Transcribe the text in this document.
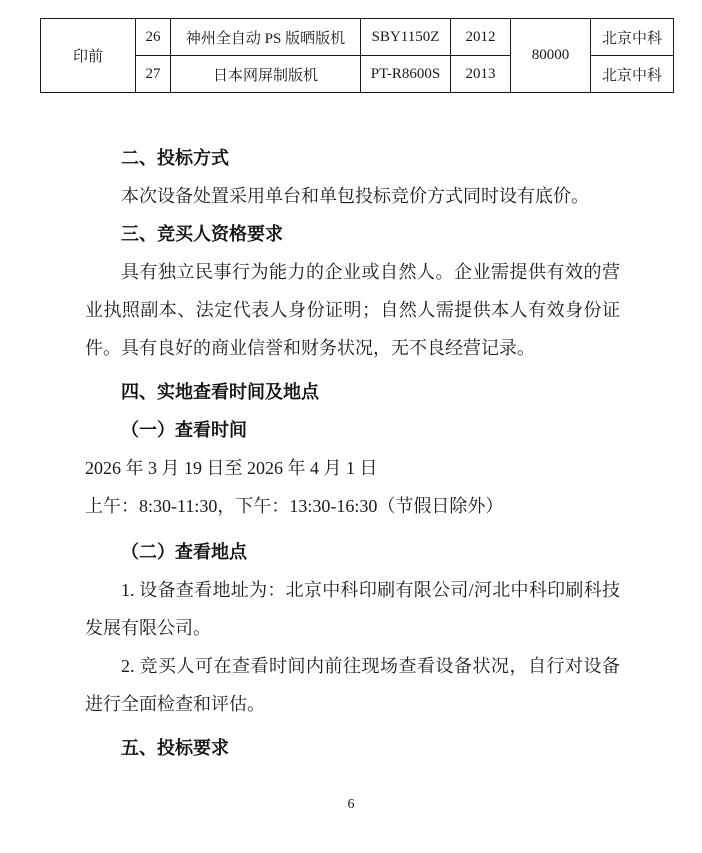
印前	26	神州全自动 PS 版晒版机	SBY1150Z	2012	80000	北京中科
	27	日本网屏制版机	PT-R8600S	2013		北京中科
二、投标方式
本次设备处置采用单台和单包投标竞价方式同时设有底价。
三、竞买人资格要求
具有独立民事行为能力的企业或自然人。企业需提供有效的营
业执照副本、法定代表人身份证明；自然人需提供本人有效身份证
件。具有良好的商业信誉和财务状况，无不良经营记录。
四、实地查看时间及地点
（一）查看时间
2026 年 3 月 19 日至 2026 年 4 月 1 日
上午：8:30-11:30，下午：13:30-16:30（节假日除外）
（二）查看地点
1. 设备查看地址为：北京中科印刷有限公司/河北中科印刷科技
发展有限公司。
2. 竞买人可在查看时间内前往现场查看设备状况，自行对设备
进行全面检查和评估。
五、投标要求
6
